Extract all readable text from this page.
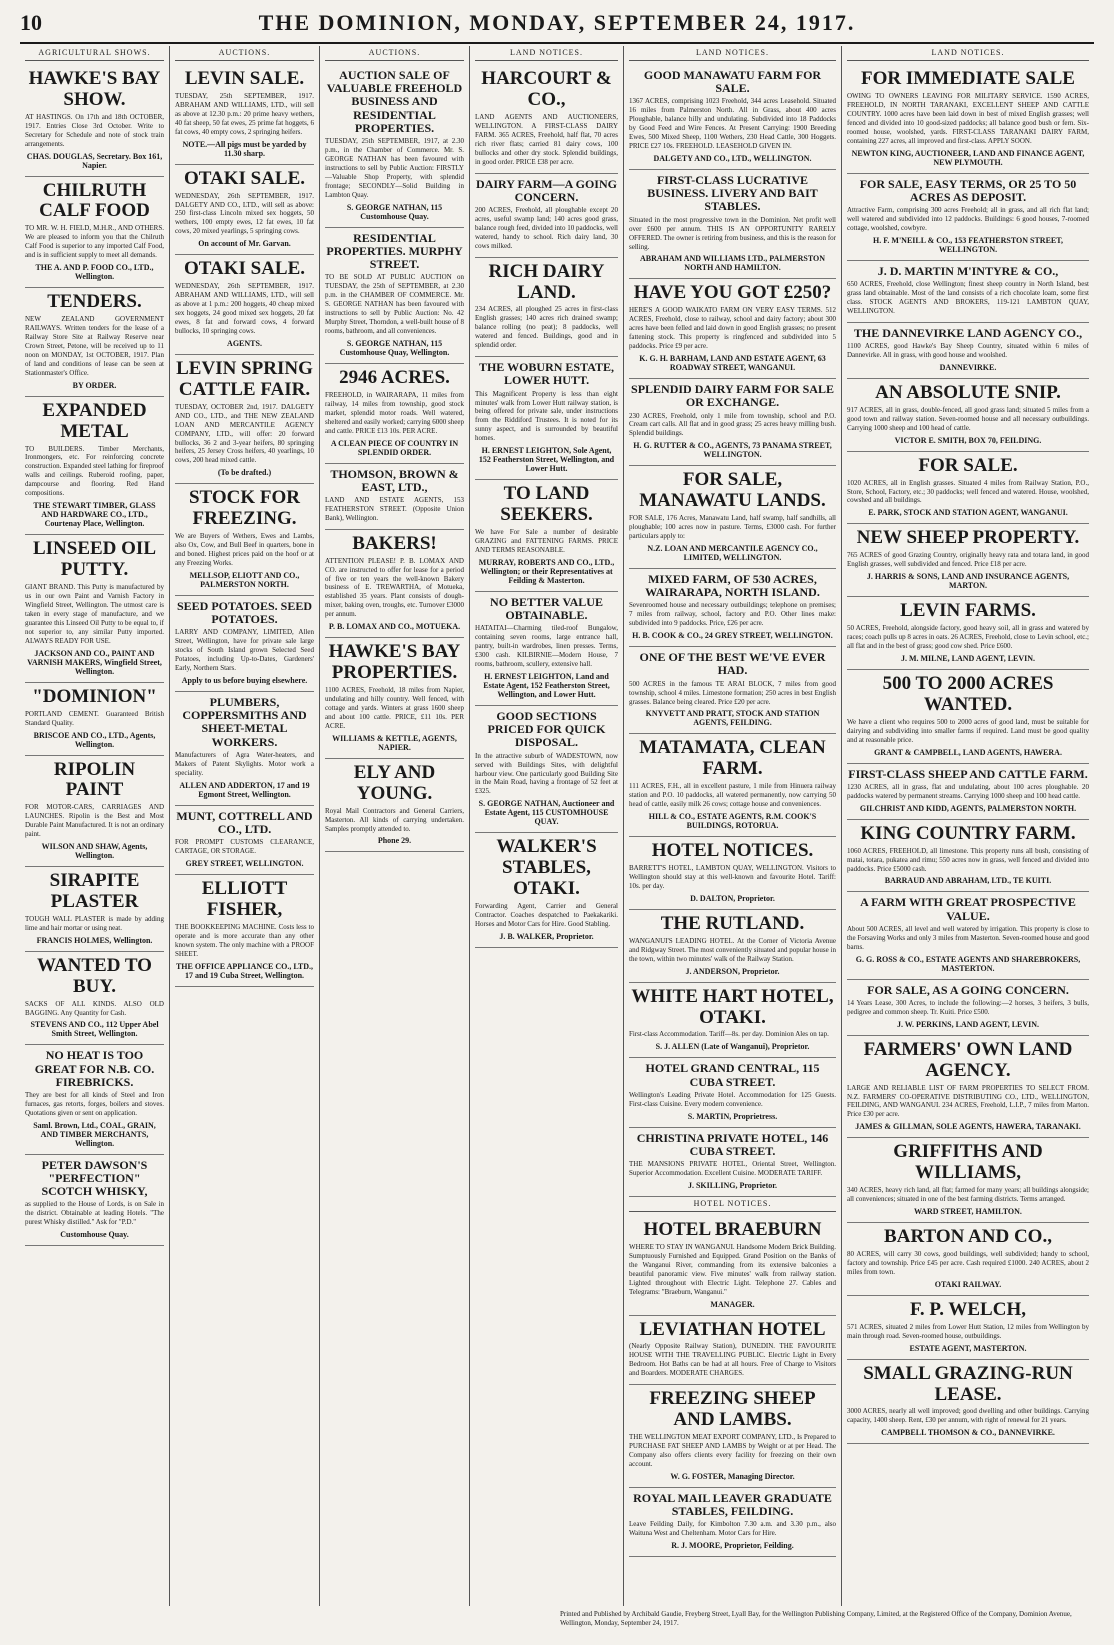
10	THE DOMINION, MONDAY, SEPTEMBER 24, 1917.
AGRICULTURAL SHOWS.
HAWKE'S BAY SHOW.
AT HASTINGS. On 17th and 18th OCTOBER, 1917. Entries Close 3rd October. Write to Secretary for Schedule and note of stock train arrangements.
CHAS. DOUGLAS, Secretary. Box 161, Napier.
CHILRUTH CALF FOOD
TO MR. W. H. FIELD, M.H.R., AND OTHERS. We are pleased to inform you that the Chilruth Calf Food is superior to any imported Calf Food, and is in sufficient supply to meet all demands.
THE A. AND P. FOOD CO., LTD., Wellington.
TENDERS.
NEW ZEALAND GOVERNMENT RAILWAYS. Written tenders for the lease of a Railway Store Site at Railway Reserve near Crown Street, Petone, will be received up to 11 noon on MONDAY, 1st OCTOBER, 1917. Plan of land and conditions of lease can be seen at Stationmaster's Office.
BY ORDER.
EXPANDED METAL
TO BUILDERS. Timber Merchants, Ironmongers, etc. For reinforcing concrete construction. Expanded steel lathing for fireproof walls and ceilings. Ruberoid roofing, paper, dampcourse and flooring. Red Hand compositions.
THE STEWART TIMBER, GLASS AND HARDWARE CO., LTD., Courtenay Place, Wellington.
LINSEED OIL PUTTY.
GIANT BRAND. This Putty is manufactured by us in our own Paint and Varnish Factory in Wingfield Street, Wellington. The utmost care is taken in every stage of manufacture, and we guarantee this Linseed Oil Putty to be equal to, if not superior to, any similar Putty imported. ALWAYS READY FOR USE.
JACKSON AND CO., PAINT AND VARNISH MAKERS, Wingfield Street, Wellington.
"DOMINION"
PORTLAND CEMENT. Guaranteed British Standard Quality.
BRISCOE AND CO., LTD., Agents, Wellington.
RIPOLIN PAINT
FOR MOTOR-CARS, CARRIAGES AND LAUNCHES. Ripolin is the Best and Most Durable Paint Manufactured. It is not an ordinary paint.
WILSON AND SHAW, Agents, Wellington.
SIRAPITE PLASTER
TOUGH WALL PLASTER is made by adding lime and hair mortar or using neat.
FRANCIS HOLMES, Wellington.
WANTED TO BUY.
SACKS OF ALL KINDS. ALSO OLD BAGGING. Any Quantity for Cash.
STEVENS AND CO., 112 Upper Abel Smith Street, Wellington.
NO HEAT IS TOO GREAT FOR N.B. CO. FIREBRICKS.
They are best for all kinds of Steel and Iron furnaces, gas retorts, forges, boilers and stoves. Quotations given or sent on application.
Saml. Brown, Ltd., COAL, GRAIN, AND TIMBER MERCHANTS, Wellington.
PETER DAWSON'S "PERFECTION" SCOTCH WHISKY,
as supplied to the House of Lords, is on Sale in the district. Obtainable at leading Hotels. "The purest Whisky distilled." Ask for "P.D."
Customhouse Quay.
AUCTIONS.
LEVIN SALE.
TUESDAY, 25th SEPTEMBER, 1917. ABRAHAM AND WILLIAMS, LTD., will sell as above at 12.30 p.m.: 20 prime heavy wethers, 40 fat sheep, 50 fat ewes, 25 prime fat hoggets, 6 fat cows, 40 empty cows, 2 springing heifers.
NOTE.—All pigs must be yarded by 11.30 sharp.
OTAKI SALE.
WEDNESDAY, 26th SEPTEMBER, 1917. DALGETY AND CO., LTD., will sell as above: 250 first-class Lincoln mixed sex hoggets, 50 wethers, 100 empty ewes, 12 fat ewes, 10 fat cows, 20 mixed yearlings, 5 springing cows.
On account of Mr. Garvan.
OTAKI SALE.
WEDNESDAY, 26th SEPTEMBER, 1917. ABRAHAM AND WILLIAMS, LTD., will sell as above at 1 p.m.: 200 hoggets, 40 cheap mixed sex hoggets, 24 good mixed sex hoggets, 20 fat ewes, 8 fat and forward cows, 4 forward bullocks, 10 springing cows.
AGENTS.
LEVIN SPRING CATTLE FAIR.
TUESDAY, OCTOBER 2nd, 1917. DALGETY AND CO., LTD., and THE NEW ZEALAND LOAN AND MERCANTILE AGENCY COMPANY, LTD., will offer: 20 forward bullocks, 36 2 and 3-year heifers, 80 springing heifers, 25 Jersey Cross heifers, 40 yearlings, 10 cows, 200 head mixed cattle.
(To be drafted.)
STOCK FOR FREEZING.
We are Buyers of Wethers, Ewes and Lambs, also Ox, Cow, and Bull Beef in quarters, bone in and boned. Highest prices paid on the hoof or at any Freezing Works.
MELLSOP, ELIOTT AND CO., PALMERSTON NORTH.
SEED POTATOES. SEED POTATOES.
LARRY AND COMPANY, LIMITED, Allen Street, Wellington, have for private sale large stocks of South Island grown Selected Seed Potatoes, including Up-to-Dates, Gardeners' Early, Northern Stars.
Apply to us before buying elsewhere.
PLUMBERS, COPPERSMITHS AND SHEET-METAL WORKERS.
Manufacturers of Agra Water-heaters, and Makers of Patent Skylights. Motor work a speciality.
ALLEN AND ADDERTON, 17 and 19 Egmont Street, Wellington.
MUNT, COTTRELL AND CO., LTD.
FOR PROMPT CUSTOMS CLEARANCE, CARTAGE, OR STORAGE.
GREY STREET, WELLINGTON.
ELLIOTT FISHER,
THE BOOKKEEPING MACHINE. Costs less to operate and is more accurate than any other known system. The only machine with a PROOF SHEET.
THE OFFICE APPLIANCE CO., LTD., 17 and 19 Cuba Street, Wellington.
AUCTIONS.
AUCTION SALE OF VALUABLE FREEHOLD BUSINESS AND RESIDENTIAL PROPERTIES.
TUESDAY, 25th SEPTEMBER, 1917, at 2.30 p.m., in the Chamber of Commerce. Mr. S. GEORGE NATHAN has been favoured with instructions to sell by Public Auction: FIRSTLY—Valuable Shop Property, with splendid frontage; SECONDLY—Solid Building in Lambton Quay.
S. GEORGE NATHAN, 115 Customhouse Quay.
RESIDENTIAL PROPERTIES. MURPHY STREET.
TO BE SOLD AT PUBLIC AUCTION on TUESDAY, the 25th of SEPTEMBER, at 2.30 p.m. in the CHAMBER OF COMMERCE. Mr. S. GEORGE NATHAN has been favoured with instructions to sell by Public Auction: No. 42 Murphy Street, Thorndon, a well-built house of 8 rooms, bathroom, and all conveniences.
S. GEORGE NATHAN, 115 Customhouse Quay, Wellington.
2946 ACRES.
FREEHOLD, in WAIRARAPA, 11 miles from railway, 14 miles from township, good stock market, splendid motor roads. Well watered, sheltered and easily worked; carrying 6000 sheep and cattle. PRICE £13 10s. PER ACRE.
A CLEAN PIECE OF COUNTRY IN SPLENDID ORDER.
THOMSON, BROWN & EAST, LTD.,
LAND AND ESTATE AGENTS, 153 FEATHERSTON STREET. (Opposite Union Bank), Wellington.
BAKERS!
ATTENTION PLEASE! P. B. LOMAX AND CO. are instructed to offer for lease for a period of five or ten years the well-known Bakery business of E. TREWARTHA, of Motueka, established 35 years. Plant consists of dough-mixer, baking oven, troughs, etc. Turnover £3000 per annum.
P. B. LOMAX AND CO., MOTUEKA.
HAWKE'S BAY PROPERTIES.
1100 ACRES, Freehold, 18 miles from Napier, undulating and hilly country. Well fenced, with cottage and yards. Winters at grass 1600 sheep and about 100 cattle. PRICE, £11 10s. PER ACRE.
WILLIAMS & KETTLE, AGENTS, NAPIER.
ELY AND YOUNG.
Royal Mail Contractors and General Carriers, Masterton. All kinds of carrying undertaken. Samples promptly attended to.
Phone 29.
LAND NOTICES.
HARCOURT & CO.,
LAND AGENTS AND AUCTIONEERS, WELLINGTON. A FIRST-CLASS DAIRY FARM. 365 ACRES, Freehold, half flat, 70 acres rich river flats; carried 81 dairy cows, 100 bullocks and other dry stock. Splendid buildings, in good order. PRICE £38 per acre.
DAIRY FARM—A GOING CONCERN.
200 ACRES, Freehold, all ploughable except 20 acres, useful swamp land; 140 acres good grass, balance rough feed, divided into 10 paddocks, well watered, handy to school. Rich dairy land, 30 cows milked.
RICH DAIRY LAND.
234 ACRES, all ploughed 25 acres in first-class English grasses; 140 acres rich drained swamp; balance rolling (no peat); 8 paddocks, well watered and fenced. Buildings, good and in splendid order.
THE WOBURN ESTATE, LOWER HUTT.
This Magnificent Property is less than eight minutes' walk from Lower Hutt railway station, is being offered for private sale, under instructions from the Riddiford Trustees. It is noted for its sunny aspect, and is surrounded by beautiful homes.
H. ERNEST LEIGHTON, Sole Agent, 152 Featherston Street, Wellington, and Lower Hutt.
TO LAND SEEKERS.
We have For Sale a number of desirable GRAZING and FATTENING FARMS. PRICE AND TERMS REASONABLE.
MURRAY, ROBERTS AND CO., LTD., Wellington; or their Representatives at Feilding & Masterton.
NO BETTER VALUE OBTAINABLE.
HATAITAI—Charming tiled-roof Bungalow, containing seven rooms, large entrance hall, pantry, built-in wardrobes, linen presses. Terms, £300 cash. KILBIRNIE—Modern House, 7 rooms, bathroom, scullery, extensive hall.
H. ERNEST LEIGHTON, Land and Estate Agent, 152 Featherston Street, Wellington, and Lower Hutt.
GOOD SECTIONS PRICED FOR QUICK DISPOSAL.
In the attractive suburb of WADESTOWN, now served with Buildings Sites, with delightful harbour view. One particularly good Building Site in the Main Road, having a frontage of 52 feet at £325.
S. GEORGE NATHAN, Auctioneer and Estate Agent, 115 CUSTOMHOUSE QUAY.
WALKER'S STABLES, OTAKI.
Forwarding Agent, Carrier and General Contractor. Coaches despatched to Paekakariki. Horses and Motor Cars for Hire. Good Stabling.
J. B. WALKER, Proprietor.
LAND NOTICES.
GOOD MANAWATU FARM FOR SALE.
1367 ACRES, comprising 1023 Freehold, 344 acres Leasehold. Situated 16 miles from Palmerston North. All in Grass, about 400 acres Ploughable, balance hilly and undulating. Subdivided into 18 Paddocks by Good Feed and Wire Fences. At Present Carrying: 1900 Breeding Ewes, 500 Mixed Sheep, 1100 Wethers, 230 Head Cattle, 300 Hoggets. PRICE £27 10s. FREEHOLD. LEASEHOLD GIVEN IN.
DALGETY AND CO., LTD., WELLINGTON.
FIRST-CLASS LUCRATIVE BUSINESS. LIVERY AND BAIT STABLES.
Situated in the most progressive town in the Dominion. Net profit well over £600 per annum. THIS IS AN OPPORTUNITY RARELY OFFERED. The owner is retiring from business, and this is the reason for selling.
ABRAHAM AND WILLIAMS LTD., PALMERSTON NORTH AND HAMILTON.
HAVE YOU GOT £250?
HERE'S A GOOD WAIKATO FARM ON VERY EASY TERMS. 512 ACRES, Freehold, close to railway, school and dairy factory; about 300 acres have been felled and laid down in good English grasses; no present fattening stock. This property is ringfenced and subdivided into 5 paddocks. Price £9 per acre.
K. G. H. BARHAM, LAND AND ESTATE AGENT, 63 ROADWAY STREET, WANGANUI.
SPLENDID DAIRY FARM FOR SALE OR EXCHANGE.
230 ACRES, Freehold, only 1 mile from township, school and P.O. Cream cart calls. All flat and in good grass; 25 acres heavy milling bush. Splendid buildings.
H. G. RUTTER & CO., AGENTS, 73 PANAMA STREET, WELLINGTON.
FOR SALE, MANAWATU LANDS.
FOR SALE, 176 Acres, Manawatu Land, half swamp, half sandhills, all ploughable; 100 acres now in pasture. Terms, £3000 cash. For further particulars apply to:
N.Z. LOAN AND MERCANTILE AGENCY CO., LIMITED, WELLINGTON.
MIXED FARM, OF 530 ACRES, WAIRARAPA, NORTH ISLAND.
Sevenroomed house and necessary outbuildings; telephone on premises; 7 miles from railway, school, factory and P.O. Other lines make: subdivided into 9 paddocks. Price, £26 per acre.
H. B. COOK & CO., 24 GREY STREET, WELLINGTON.
ONE OF THE BEST WE'VE EVER HAD.
500 ACRES in the famous TE ARAI BLOCK, 7 miles from good township, school 4 miles. Limestone formation; 250 acres in best English grasses. Balance being cleared. Price £20 per acre.
KNYVETT AND PRATT, STOCK AND STATION AGENTS, FEILDING.
MATAMATA, CLEAN FARM.
111 ACRES, F.H., all in excellent pasture, 1 mile from Hinuera railway station and P.O. 10 paddocks, all watered permanently, now carrying 50 head of cattle, easily milk 26 cows; cottage house and conveniences.
HILL & CO., ESTATE AGENTS, R.M. COOK'S BUILDINGS, ROTORUA.
HOTEL NOTICES.
BARRETT'S HOTEL, LAMBTON QUAY, WELLINGTON. Visitors to Wellington should stay at this well-known and favourite Hotel. Tariff: 10s. per day.
D. DALTON, Proprietor.
THE RUTLAND.
WANGANUI'S LEADING HOTEL. At the Corner of Victoria Avenue and Ridgway Street. The most conveniently situated and popular house in the town, within two minutes' walk of the Railway Station.
J. ANDERSON, Proprietor.
WHITE HART HOTEL, OTAKI.
First-class Accommodation. Tariff—8s. per day. Dominion Ales on tap.
S. J. ALLEN (Late of Wanganui), Proprietor.
HOTEL GRAND CENTRAL, 115 CUBA STREET.
Wellington's Leading Private Hotel. Accommodation for 125 Guests. First-class Cuisine. Every modern convenience.
S. MARTIN, Proprietress.
CHRISTINA PRIVATE HOTEL, 146 CUBA STREET.
THE MANSIONS PRIVATE HOTEL, Oriental Street, Wellington. Superior Accommodation. Excellent Cuisine. MODERATE TARIFF.
J. SKILLING, Proprietor.
HOTEL NOTICES.
HOTEL BRAEBURN
WHERE TO STAY IN WANGANUI. Handsome Modern Brick Building. Sumptuously Furnished and Equipped. Grand Position on the Banks of the Wanganui River, commanding from its extensive balconies a beautiful panoramic view. Five minutes' walk from railway station. Lighted throughout with Electric Light. Telephone 27. Cables and Telegrams: "Braeburn, Wanganui."
MANAGER.
LEVIATHAN HOTEL
(Nearly Opposite Railway Station), DUNEDIN. THE FAVOURITE HOUSE WITH THE TRAVELLING PUBLIC. Electric Light in Every Bedroom. Hot Baths can be had at all hours. Free of Charge to Visitors and Boarders. MODERATE CHARGES.
FREEZING SHEEP AND LAMBS.
THE WELLINGTON MEAT EXPORT COMPANY, LTD., Is Prepared to PURCHASE FAT SHEEP AND LAMBS by Weight or at per Head. The Company also offers clients every facility for freezing on their own account.
W. G. FOSTER, Managing Director.
ROYAL MAIL LEAVER GRADUATE STABLES, FEILDING.
Leave Feilding Daily, for Kimbolton 7.30 a.m. and 3.30 p.m., also Waituna West and Cheltenham. Motor Cars for Hire.
R. J. MOORE, Proprietor, Feilding.
LAND NOTICES.
FOR IMMEDIATE SALE
OWING TO OWNERS LEAVING FOR MILITARY SERVICE. 1590 ACRES, FREEHOLD, IN NORTH TARANAKI, EXCELLENT SHEEP AND CATTLE COUNTRY. 1000 acres have been laid down in best of mixed English grasses; well fenced and divided into 10 good-sized paddocks; all balance good bush or fern. Six-roomed house, woolshed, yards. FIRST-CLASS TARANAKI DAIRY FARM, containing 227 acres, all improved and first-class. APPLY SOON.
NEWTON KING, AUCTIONEER, LAND AND FINANCE AGENT, NEW PLYMOUTH.
FOR SALE, EASY TERMS, OR 25 TO 50 ACRES AS DEPOSIT.
Attractive Farm, comprising 300 acres Freehold; all in grass, and all rich flat land; well watered and subdivided into 12 paddocks. Buildings: 6 good houses, 7-roomed cottage, woolshed, cowbyre.
H. F. M'NEILL & CO., 153 FEATHERSTON STREET, WELLINGTON.
J. D. MARTIN M'INTYRE & CO.,
650 ACRES, Freehold, close Wellington; finest sheep country in North Island, best grass land obtainable. Most of the land consists of a rich chocolate loam, some first class. STOCK AGENTS AND BROKERS, 119-121 LAMBTON QUAY, WELLINGTON.
THE DANNEVIRKE LAND AGENCY CO.,
1100 ACRES, good Hawke's Bay Sheep Country, situated within 6 miles of Dannevirke. All in grass, with good house and woolshed.
DANNEVIRKE.
AN ABSOLUTE SNIP.
917 ACRES, all in grass, double-fenced, all good grass land; situated 5 miles from a good town and railway station. Seven-roomed house and all necessary outbuildings. Carrying 1000 sheep and 100 head of cattle.
VICTOR E. SMITH, BOX 70, FEILDING.
FOR SALE.
1020 ACRES, all in English grasses. Situated 4 miles from Railway Station, P.O., Store, School, Factory, etc.; 30 paddocks; well fenced and watered. House, woolshed, cowshed and all buildings.
E. PARK, STOCK AND STATION AGENT, WANGANUI.
NEW SHEEP PROPERTY.
765 ACRES of good Grazing Country, originally heavy rata and totara land, in good English grasses, well subdivided and fenced. Price £18 per acre.
J. HARRIS & SONS, LAND AND INSURANCE AGENTS, MARTON.
LEVIN FARMS.
50 ACRES, Freehold, alongside factory, good heavy soil, all in grass and watered by races; coach pulls up 8 acres in oats. 26 ACRES, Freehold, close to Levin school, etc.; all flat and in the best of grass; good cow shed. Price £600.
J. M. MILNE, LAND AGENT, LEVIN.
500 TO 2000 ACRES WANTED.
We have a client who requires 500 to 2000 acres of good land, must be suitable for dairying and subdividing into smaller farms if required. Land must be good quality and at reasonable price.
GRANT & CAMPBELL, LAND AGENTS, HAWERA.
FIRST-CLASS SHEEP AND CATTLE FARM.
1230 ACRES, all in grass, flat and undulating, about 100 acres ploughable. 20 paddocks watered by permanent streams. Carrying 1000 sheep and 100 head cattle.
GILCHRIST AND KIDD, AGENTS, PALMERSTON NORTH.
KING COUNTRY FARM.
1060 ACRES, FREEHOLD, all limestone. This property runs all bush, consisting of matai, totara, pukatea and rimu; 550 acres now in grass, well fenced and divided into paddocks. Price £5000 cash.
BARRAUD AND ABRAHAM, LTD., TE KUITI.
A FARM WITH GREAT PROSPECTIVE VALUE.
About 500 ACRES, all level and well watered by irrigation. This property is close to the Forsaving Works and only 3 miles from Masterton. Seven-roomed house and good barns.
G. G. ROSS & CO., ESTATE AGENTS AND SHAREBROKERS, MASTERTON.
FOR SALE, AS A GOING CONCERN.
14 Years Lease, 300 Acres, to include the following:—2 horses, 3 heifers, 3 bulls, pedigree and common sheep. Tr. Kuiti. Price £500.
J. W. PERKINS, LAND AGENT, LEVIN.
FARMERS' OWN LAND AGENCY.
LARGE AND RELIABLE LIST OF FARM PROPERTIES TO SELECT FROM. N.Z. FARMERS' CO-OPERATIVE DISTRIBUTING CO., LTD., WELLINGTON, FEILDING, AND WANGANUI. 234 ACRES, Freehold, L.I.P., 7 miles from Marton. Price £30 per acre.
JAMES & GILLMAN, SOLE AGENTS, HAWERA, TARANAKI.
GRIFFITHS AND WILLIAMS,
340 ACRES, heavy rich land, all flat; farmed for many years; all buildings alongside; all conveniences; situated in one of the best farming districts. Terms arranged.
WARD STREET, HAMILTON.
BARTON AND CO.,
80 ACRES, will carry 30 cows, good buildings, well subdivided; handy to school, factory and township. Price £45 per acre. Cash required £1000. 240 ACRES, about 2 miles from town.
OTAKI RAILWAY.
F. P. WELCH,
571 ACRES, situated 2 miles from Lower Hutt Station, 12 miles from Wellington by main through road. Seven-roomed house, outbuildings.
ESTATE AGENT, MASTERTON.
SMALL GRAZING-RUN LEASE.
3000 ACRES, nearly all well improved; good dwelling and other buildings. Carrying capacity, 1400 sheep. Rent, £30 per annum, with right of renewal for 21 years.
CAMPBELL THOMSON & CO., DANNEVIRKE.
Printed and Published by Archibald Gaudie, Freyberg Street, Lyall Bay, for the Wellington Publishing Company, Limited, at the Registered Office of the Company, Dominion Avenue, Wellington, Monday, September 24, 1917.
